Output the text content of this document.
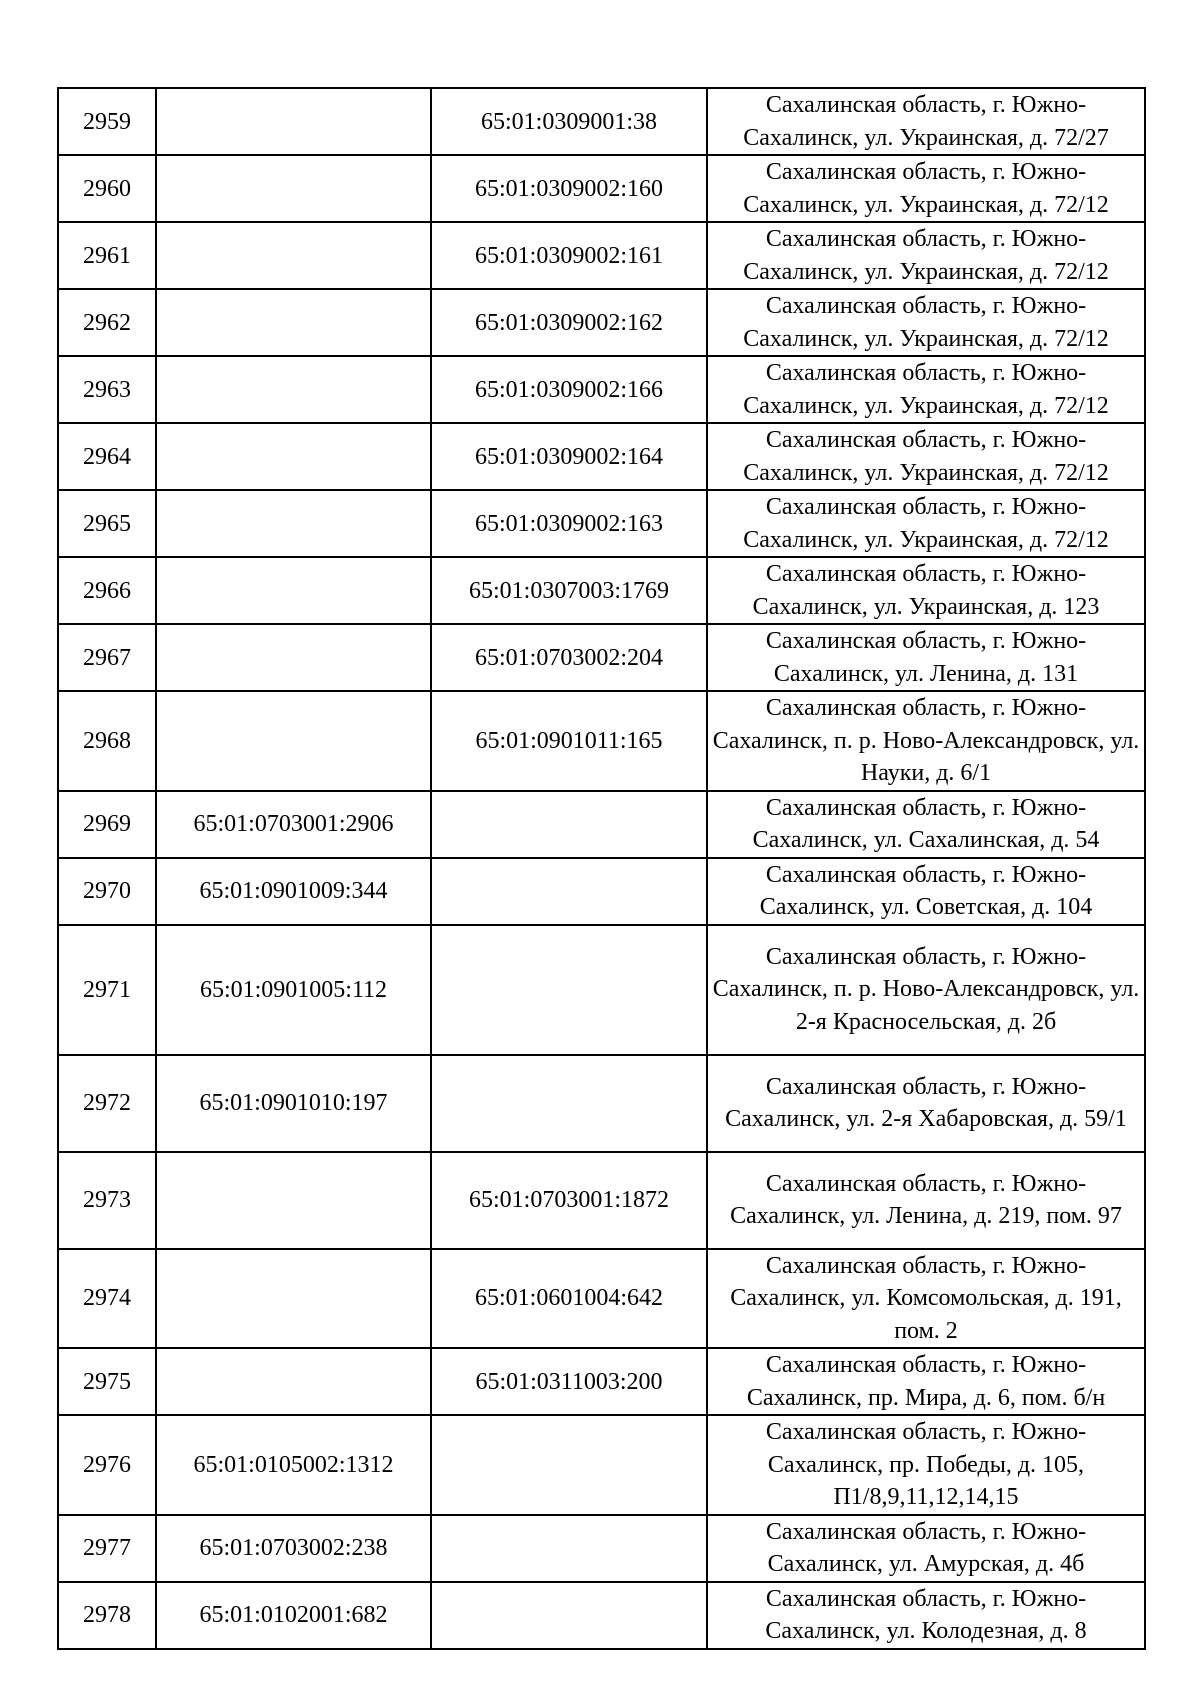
2959		65:01:0309001:38	Сахалинская область, г. Южно-Сахалинск, ул. Украинская, д. 72/27
2960		65:01:0309002:160	Сахалинская область, г. Южно-Сахалинск, ул. Украинская, д. 72/12
2961		65:01:0309002:161	Сахалинская область, г. Южно-Сахалинск, ул. Украинская, д. 72/12
2962		65:01:0309002:162	Сахалинская область, г. Южно-Сахалинск, ул. Украинская, д. 72/12
2963		65:01:0309002:166	Сахалинская область, г. Южно-Сахалинск, ул. Украинская, д. 72/12
2964		65:01:0309002:164	Сахалинская область, г. Южно-Сахалинск, ул. Украинская, д. 72/12
2965		65:01:0309002:163	Сахалинская область, г. Южно-Сахалинск, ул. Украинская, д. 72/12
2966		65:01:0307003:1769	Сахалинская область, г. Южно-Сахалинск, ул. Украинская, д. 123
2967		65:01:0703002:204	Сахалинская область, г. Южно-Сахалинск, ул. Ленина, д. 131
2968		65:01:0901011:165	Сахалинская область, г. Южно-Сахалинск, п. р. Ново-Александровск, ул. Науки, д. 6/1
2969	65:01:0703001:2906		Сахалинская область, г. Южно-Сахалинск, ул. Сахалинская, д. 54
2970	65:01:0901009:344		Сахалинская область, г. Южно-Сахалинск, ул. Советская, д. 104
2971	65:01:0901005:112		Сахалинская область, г. Южно-Сахалинск, п. р. Ново-Александровск, ул. 2-я Красносельская, д. 2б
2972	65:01:0901010:197		Сахалинская область, г. Южно-Сахалинск, ул. 2-я Хабаровская, д. 59/1
2973		65:01:0703001:1872	Сахалинская область, г. Южно-Сахалинск, ул. Ленина, д. 219, пом. 97
2974		65:01:0601004:642	Сахалинская область, г. Южно-Сахалинск, ул. Комсомольская, д. 191, пом. 2
2975		65:01:0311003:200	Сахалинская область, г. Южно-Сахалинск, пр. Мира, д. 6, пом. б/н
2976	65:01:0105002:1312		Сахалинская область, г. Южно-Сахалинск, пр. Победы, д. 105, П1/8,9,11,12,14,15
2977	65:01:0703002:238		Сахалинская область, г. Южно-Сахалинск, ул. Амурская, д. 4б
2978	65:01:0102001:682		Сахалинская область, г. Южно-Сахалинск, ул. Колодезная, д. 8
